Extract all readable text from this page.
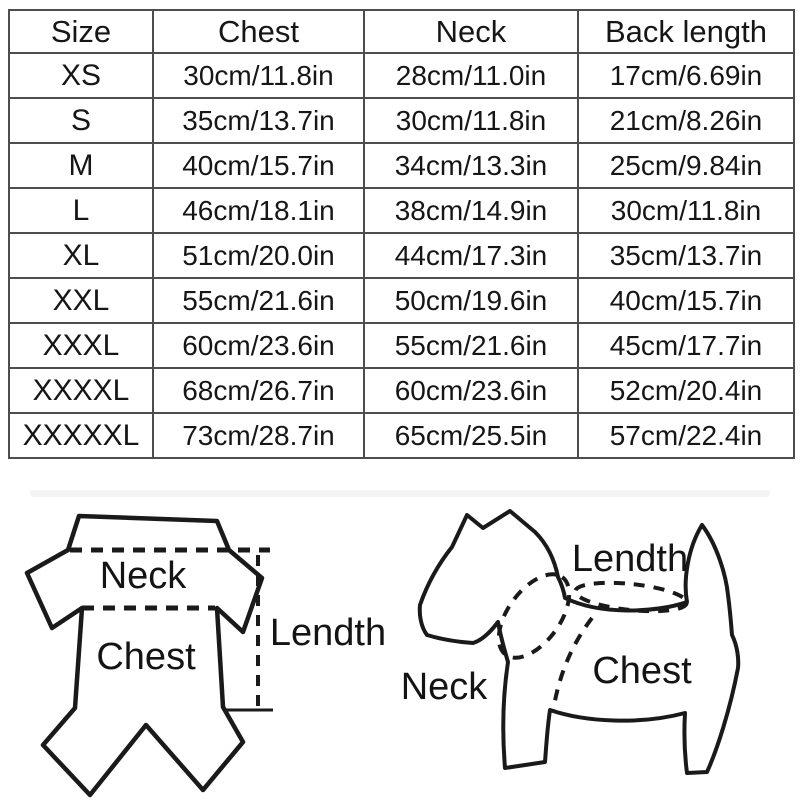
Size	Chest	Neck	Back length
XS	30cm/11.8in	28cm/11.0in	17cm/6.69in
S	35cm/13.7in	30cm/11.8in	21cm/8.26in
M	40cm/15.7in	34cm/13.3in	25cm/9.84in
L	46cm/18.1in	38cm/14.9in	30cm/11.8in
XL	51cm/20.0in	44cm/17.3in	35cm/13.7in
XXL	55cm/21.6in	50cm/19.6in	40cm/15.7in
XXXL	60cm/23.6in	55cm/21.6in	45cm/17.7in
XXXXL	68cm/26.7in	60cm/23.6in	52cm/20.4in
XXXXXL	73cm/28.7in	65cm/25.5in	57cm/22.4in
Neck
Chest
Lendth
Lendth
Neck	Chest
